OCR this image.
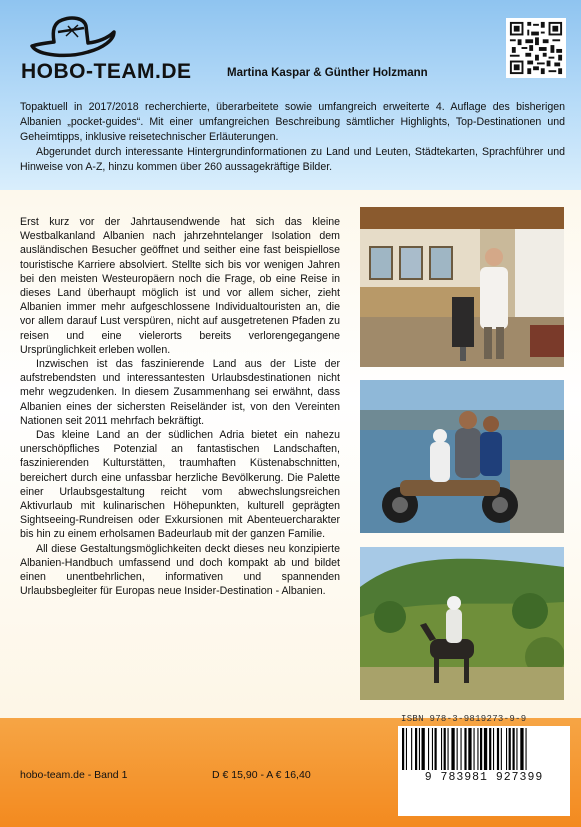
HOBO-TEAM.DE	Martina Kaspar & Günther Holzmann

Topaktuell in 2017/2018 recherchierte, überarbeitete sowie umfangreich erweiterte 4. Auflage des bisherigen Albanien „pocket-guides“. Mit einer umfangreichen Beschreibung sämtlicher Highlights, Top-Destinationen und Geheimtipps, inklusive reisetechnischer Erläuterungen.

Abgerundet durch interessante Hintergrundinformationen zu Land und Leuten, Städtekarten, Sprachführer und Hinweise von A-Z, hinzu kommen über 260 aussagekräftige Bilder.

Erst kurz vor der Jahrtausendwende hat sich das kleine Westbalkanland Albanien nach jahrzehntelanger Isolation dem ausländischen Besucher geöffnet und seither eine fast beispiellose touristische Karriere absolviert. Stellte sich bis vor wenigen Jahren bei den meisten Westeuropäern noch die Frage, ob eine Reise in dieses Land überhaupt möglich ist und vor allem sicher, zieht Albanien immer mehr aufgeschlossene Individualtouristen an, die vor allem darauf Lust verspüren, nicht auf ausgetretenen Pfaden zu reisen und eine vielerorts bereits verlorengegangene Ursprünglichkeit erleben wollen.

Inzwischen ist das faszinierende Land aus der Liste der aufstrebendsten und interessantesten Urlaubsdestinationen nicht mehr wegzudenken. In diesem Zusammenhang sei erwähnt, dass Albanien eines der sichersten Reiseländer ist, von den Vereinten Nationen seit 2011 mehrfach bekräftigt.

Das kleine Land an der südlichen Adria bietet ein nahezu unerschöpfliches Potenzial an fantastischen Landschaften, faszinierenden Kulturstätten, traumhaften Küstenabschnitten, bereichert durch eine unfassbar herzliche Bevölkerung. Die Palette einer Urlaubsgestaltung reicht vom abwechslungsreichen Aktivurlaub mit kulinarischen Höhepunkten, kulturell geprägten Sightseeing-Rundreisen oder Exkursionen mit Abenteuercharakter bis hin zu einem erholsamen Badeurlaub mit der ganzen Familie.

All diese Gestaltungsmöglichkeiten deckt dieses neu konzipierte Albanien-Handbuch umfassend und doch kompakt ab und bildet einen unentbehrlichen, informativen und spannenden Urlaubsbegleiter für Europas neue Insider-Destination - Albanien.

ISBN 978-3-9819273-9-9
9 783981 927399
hobo-team.de - Band 1	D € 15,90 - A € 16,40
